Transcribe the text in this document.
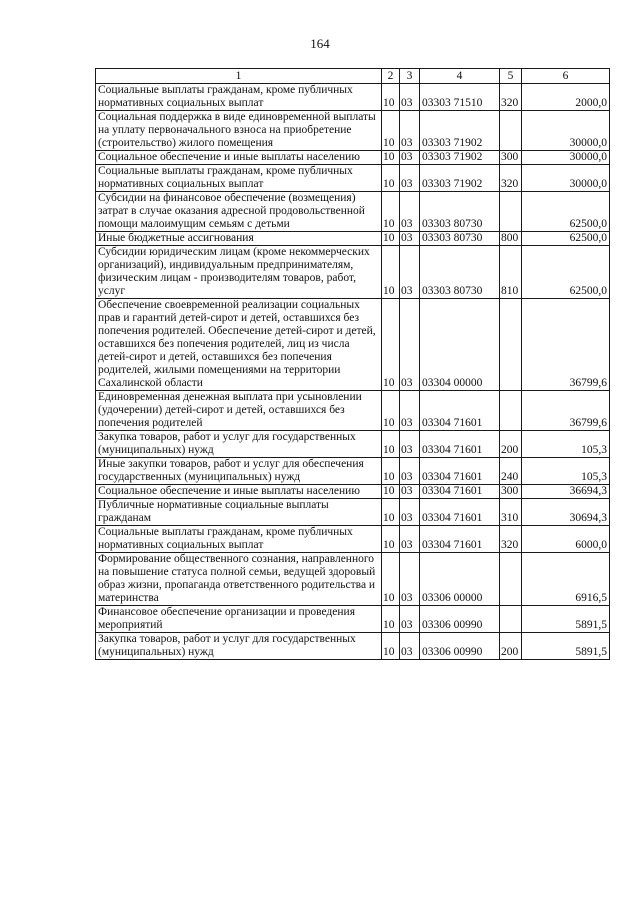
164
1	2	3	4	5	6
Социальные выплаты гражданам, кроме публичных нормативных социальных выплат	10	03	03303 71510	320	2000,0
Социальная поддержка в виде единовременной выплаты на уплату первоначального взноса на приобретение (строительство) жилого помещения	10	03	03303 71902		30000,0
Социальное обеспечение и иные выплаты населению	10	03	03303 71902	300	30000,0
Социальные выплаты гражданам, кроме публичных нормативных социальных выплат	10	03	03303 71902	320	30000,0
Субсидии на финансовое обеспечение (возмещения) затрат в случае оказания адресной продовольственной помощи малоимущим семьям с детьми	10	03	03303 80730		62500,0
Иные бюджетные ассигнования	10	03	03303 80730	800	62500,0
Субсидии юридическим лицам (кроме некоммерческих организаций), индивидуальным предпринимателям, физическим лицам - производителям товаров, работ, услуг	10	03	03303 80730	810	62500,0
Обеспечение своевременной реализации социальных прав и гарантий детей-сирот и детей, оставшихся без попечения родителей. Обеспечение детей-сирот и детей, оставшихся без попечения родителей, лиц из числа детей-сирот и детей, оставшихся без попечения родителей, жилыми помещениями на территории Сахалинской области	10	03	03304 00000		36799,6
Единовременная денежная выплата при усыновлении (удочерении) детей-сирот и детей, оставшихся без попечения родителей	10	03	03304 71601		36799,6
Закупка товаров, работ и услуг для государственных (муниципальных) нужд	10	03	03304 71601	200	105,3
Иные закупки товаров, работ и услуг для обеспечения государственных (муниципальных) нужд	10	03	03304 71601	240	105,3
Социальное обеспечение и иные выплаты населению	10	03	03304 71601	300	36694,3
Публичные нормативные социальные выплаты гражданам	10	03	03304 71601	310	30694,3
Социальные выплаты гражданам, кроме публичных нормативных социальных выплат	10	03	03304 71601	320	6000,0
Формирование общественного сознания, направленного на повышение статуса полной семьи, ведущей здоровый образ жизни, пропаганда ответственного родительства и материнства	10	03	03306 00000		6916,5
Финансовое обеспечение организации и проведения мероприятий	10	03	03306 00990		5891,5
Закупка товаров, работ и услуг для государственных (муниципальных) нужд	10	03	03306 00990	200	5891,5
